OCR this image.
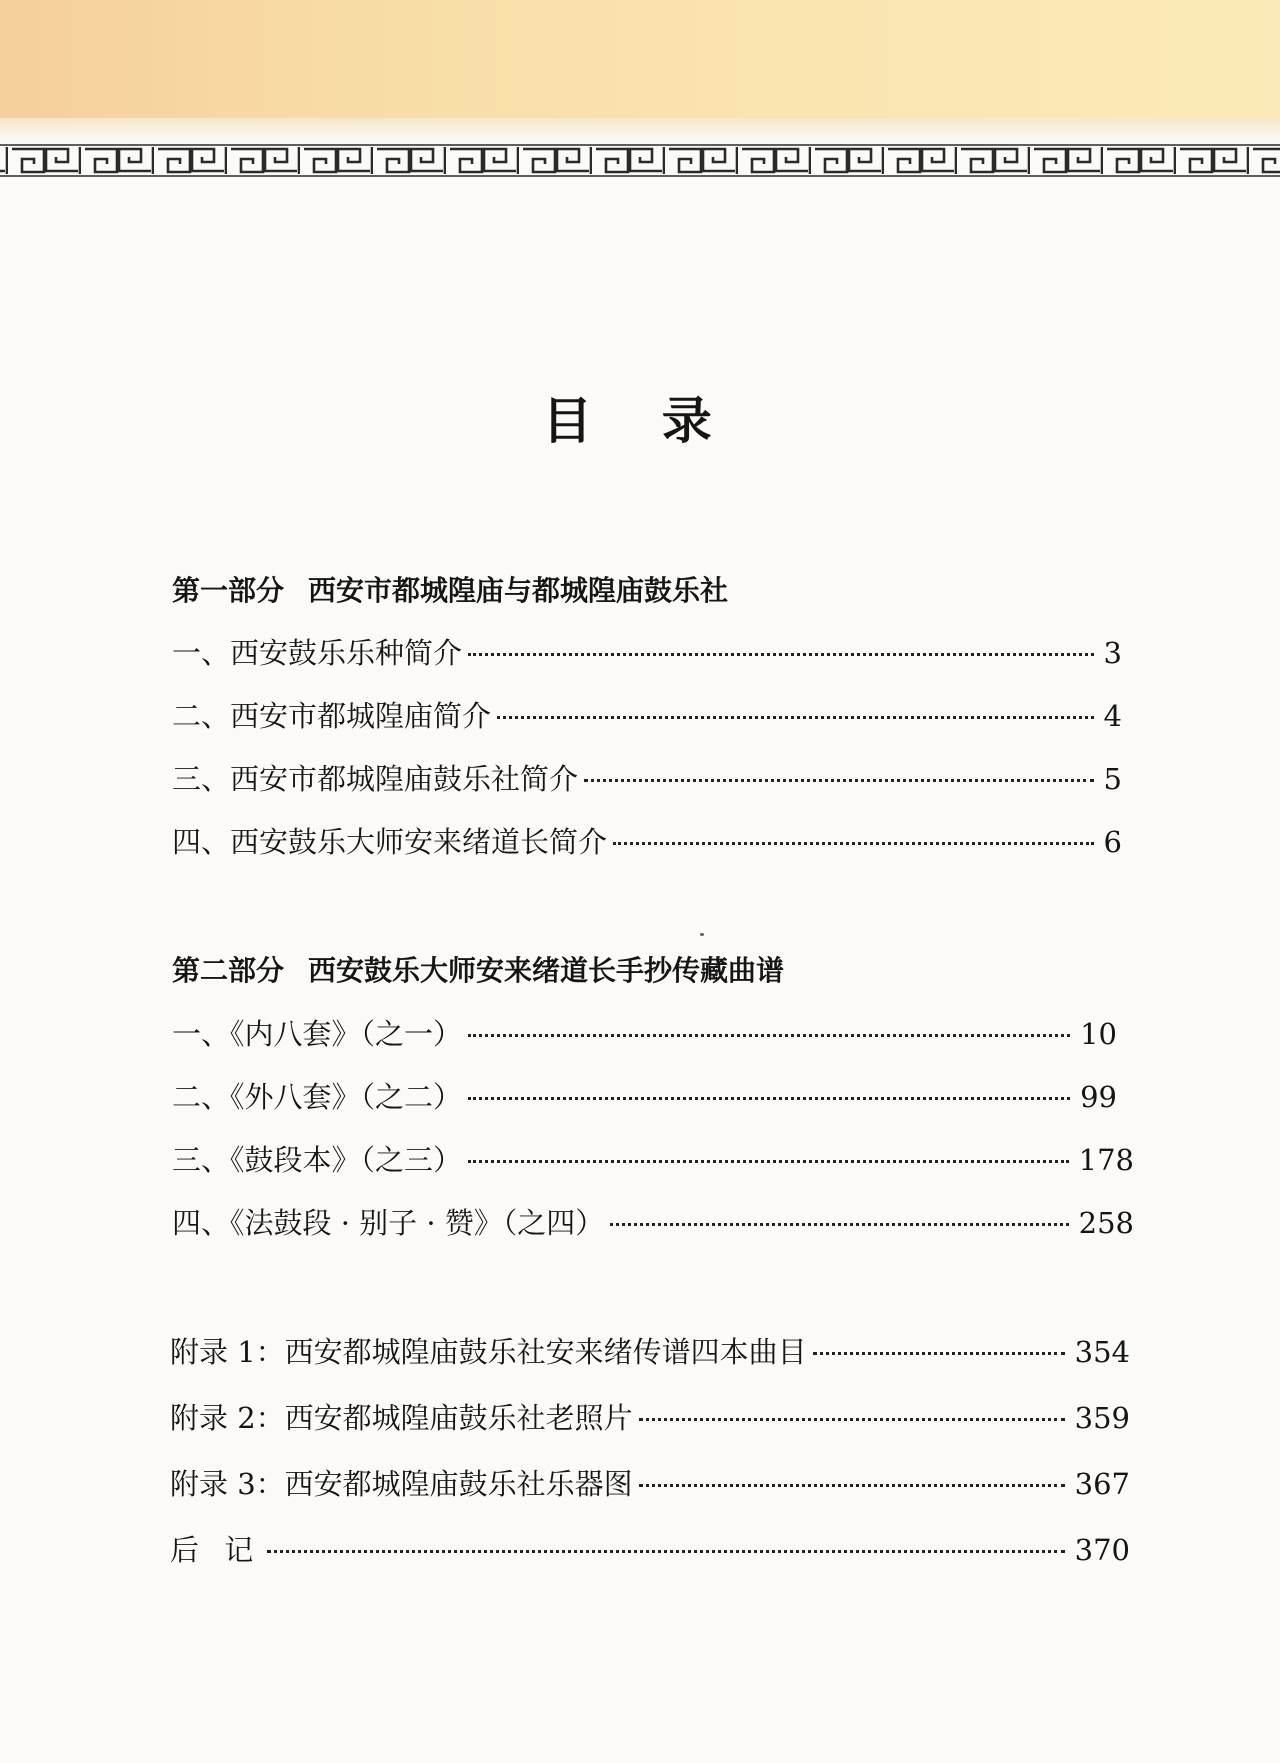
目 录
第一部分 西安市都城隍庙与都城隍庙鼓乐社
一、西安鼓乐乐种简介	3
二、西安市都城隍庙简介	4
三、西安市都城隍庙鼓乐社简介	5
四、西安鼓乐大师安来绪道长简介	6
第二部分 西安鼓乐大师安来绪道长手抄传藏曲谱
一、《内八套》（之一）	10
二、《外八套》（之二）	99
三、《鼓段本》（之三）	178
四、《法鼓段 · 别子 · 赞》（之四）	258
附录 1：西安都城隍庙鼓乐社安来绪传谱四本曲目	354
附录 2：西安都城隍庙鼓乐社老照片	359
附录 3：西安都城隍庙鼓乐社乐器图	367
后 记	370
